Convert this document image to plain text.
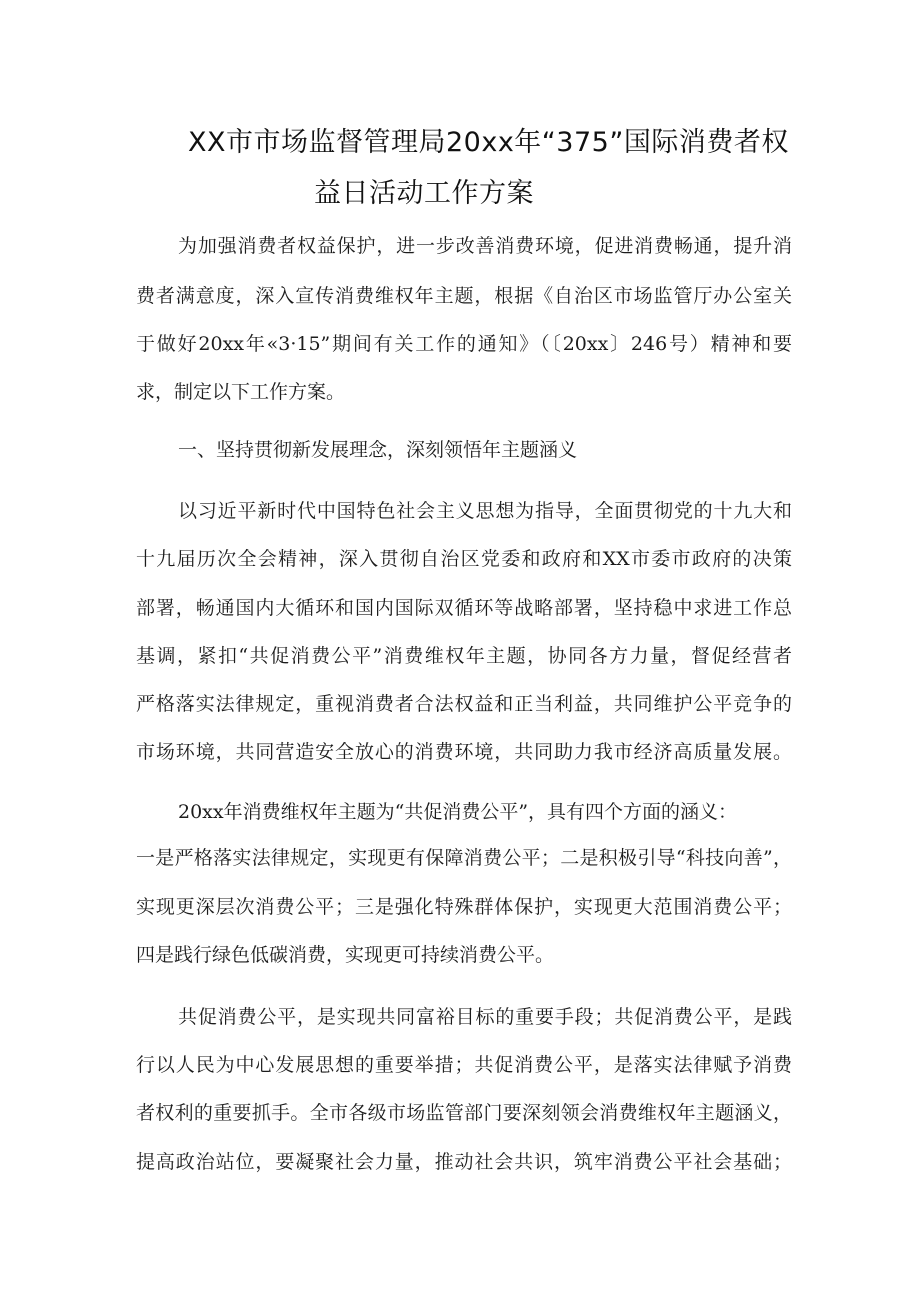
XX市市场监督管理局20xx年“375”国际消费者权
益日活动工作方案
为加强消费者权益保护，进一步改善消费环境，促进消费畅通，提升消
费者满意度，深入宣传消费维权年主题，根据《自治区市场监管厅办公室关
于做好20xx年«3·15”期间有关工作的通知》（〔20xx〕246号）精神和要
求，制定以下工作方案。
一、坚持贯彻新发展理念，深刻领悟年主题涵义
以习近平新时代中国特色社会主义思想为指导，全面贯彻党的十九大和
十九届历次全会精神，深入贯彻自治区党委和政府和XX市委市政府的决策
部署，畅通国内大循环和国内国际双循环等战略部署，坚持稳中求进工作总
基调，紧扣“共促消费公平”消费维权年主题，协同各方力量，督促经营者
严格落实法律规定，重视消费者合法权益和正当利益，共同维护公平竞争的
市场环境，共同营造安全放心的消费环境，共同助力我市经济高质量发展。
20xx年消费维权年主题为“共促消费公平”，具有四个方面的涵义：
一是严格落实法律规定，实现更有保障消费公平；二是积极引导“科技向善”，
实现更深层次消费公平；三是强化特殊群体保护，实现更大范围消费公平；
四是践行绿色低碳消费，实现更可持续消费公平。
共促消费公平，是实现共同富裕目标的重要手段；共促消费公平，是践
行以人民为中心发展思想的重要举措；共促消费公平，是落实法律赋予消费
者权利的重要抓手。全市各级市场监管部门要深刻领会消费维权年主题涵义，
提高政治站位，要凝聚社会力量，推动社会共识，筑牢消费公平社会基础；
